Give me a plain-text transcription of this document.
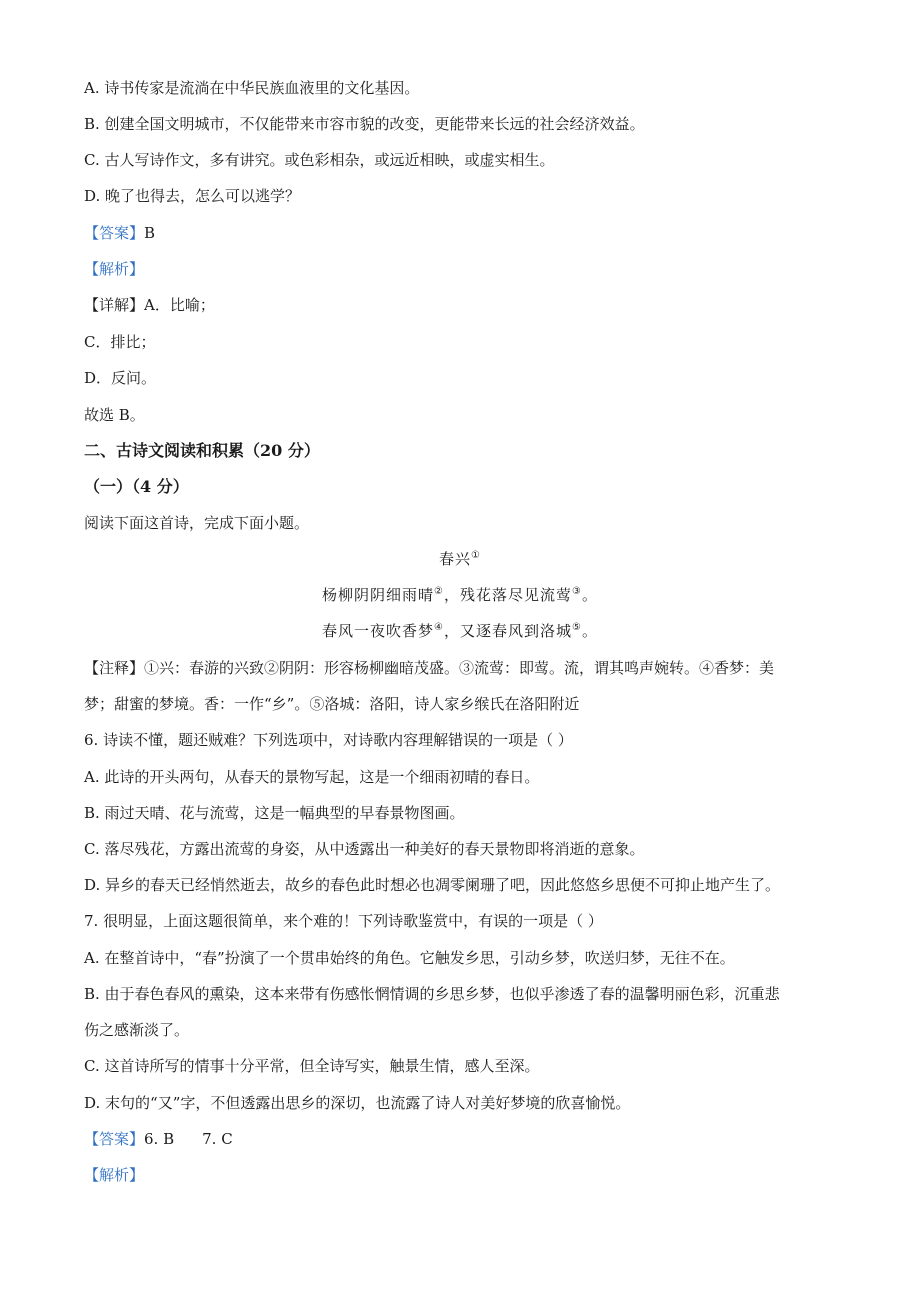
A. 诗书传家是流淌在中华民族血液里的文化基因。
B. 创建全国文明城市，不仅能带来市容市貌的改变，更能带来长远的社会经济效益。
C. 古人写诗作文，多有讲究。或色彩相杂，或远近相映，或虚实相生。
D. 晚了也得去，怎么可以逃学？
【答案】B
【解析】
【详解】A．比喻；
C．排比；
D．反问。
故选 B。
二、古诗文阅读和积累（20 分）
（一）（4 分）
阅读下面这首诗，完成下面小题。
春兴①
杨柳阴阴细雨晴②，残花落尽见流莺③。
春风一夜吹香梦④，又逐春风到洛城⑤。
【注释】①兴：春游的兴致②阴阴：形容杨柳幽暗茂盛。③流莺：即莺。流，谓其鸣声婉转。④香梦：美
梦；甜蜜的梦境。香：一作“乡”。⑤洛城：洛阳，诗人家乡缑氏在洛阳附近
6. 诗读不懂，题还贼难？下列选项中，对诗歌内容理解错误的一项是（ ）
A. 此诗的开头两句，从春天的景物写起，这是一个细雨初晴的春日。
B. 雨过天晴、花与流莺，这是一幅典型的早春景物图画。
C. 落尽残花，方露出流莺的身姿，从中透露出一种美好的春天景物即将消逝的意象。
D. 异乡的春天已经悄然逝去，故乡的春色此时想必也凋零阑珊了吧，因此悠悠乡思便不可抑止地产生了。
7. 很明显，上面这题很简单，来个难的！下列诗歌鉴赏中，有误的一项是（ ）
A. 在整首诗中，“春”扮演了一个贯串始终的角色。它触发乡思，引动乡梦，吹送归梦，无往不在。
B. 由于春色春风的熏染，这本来带有伤感怅惘情调的乡思乡梦，也似乎渗透了春的温馨明丽色彩，沉重悲
伤之感渐淡了。
C. 这首诗所写的情事十分平常，但全诗写实，触景生情，感人至深。
D. 末句的“又”字，不但透露出思乡的深切，也流露了诗人对美好梦境的欣喜愉悦。
【答案】6. B 7. C
【解析】
